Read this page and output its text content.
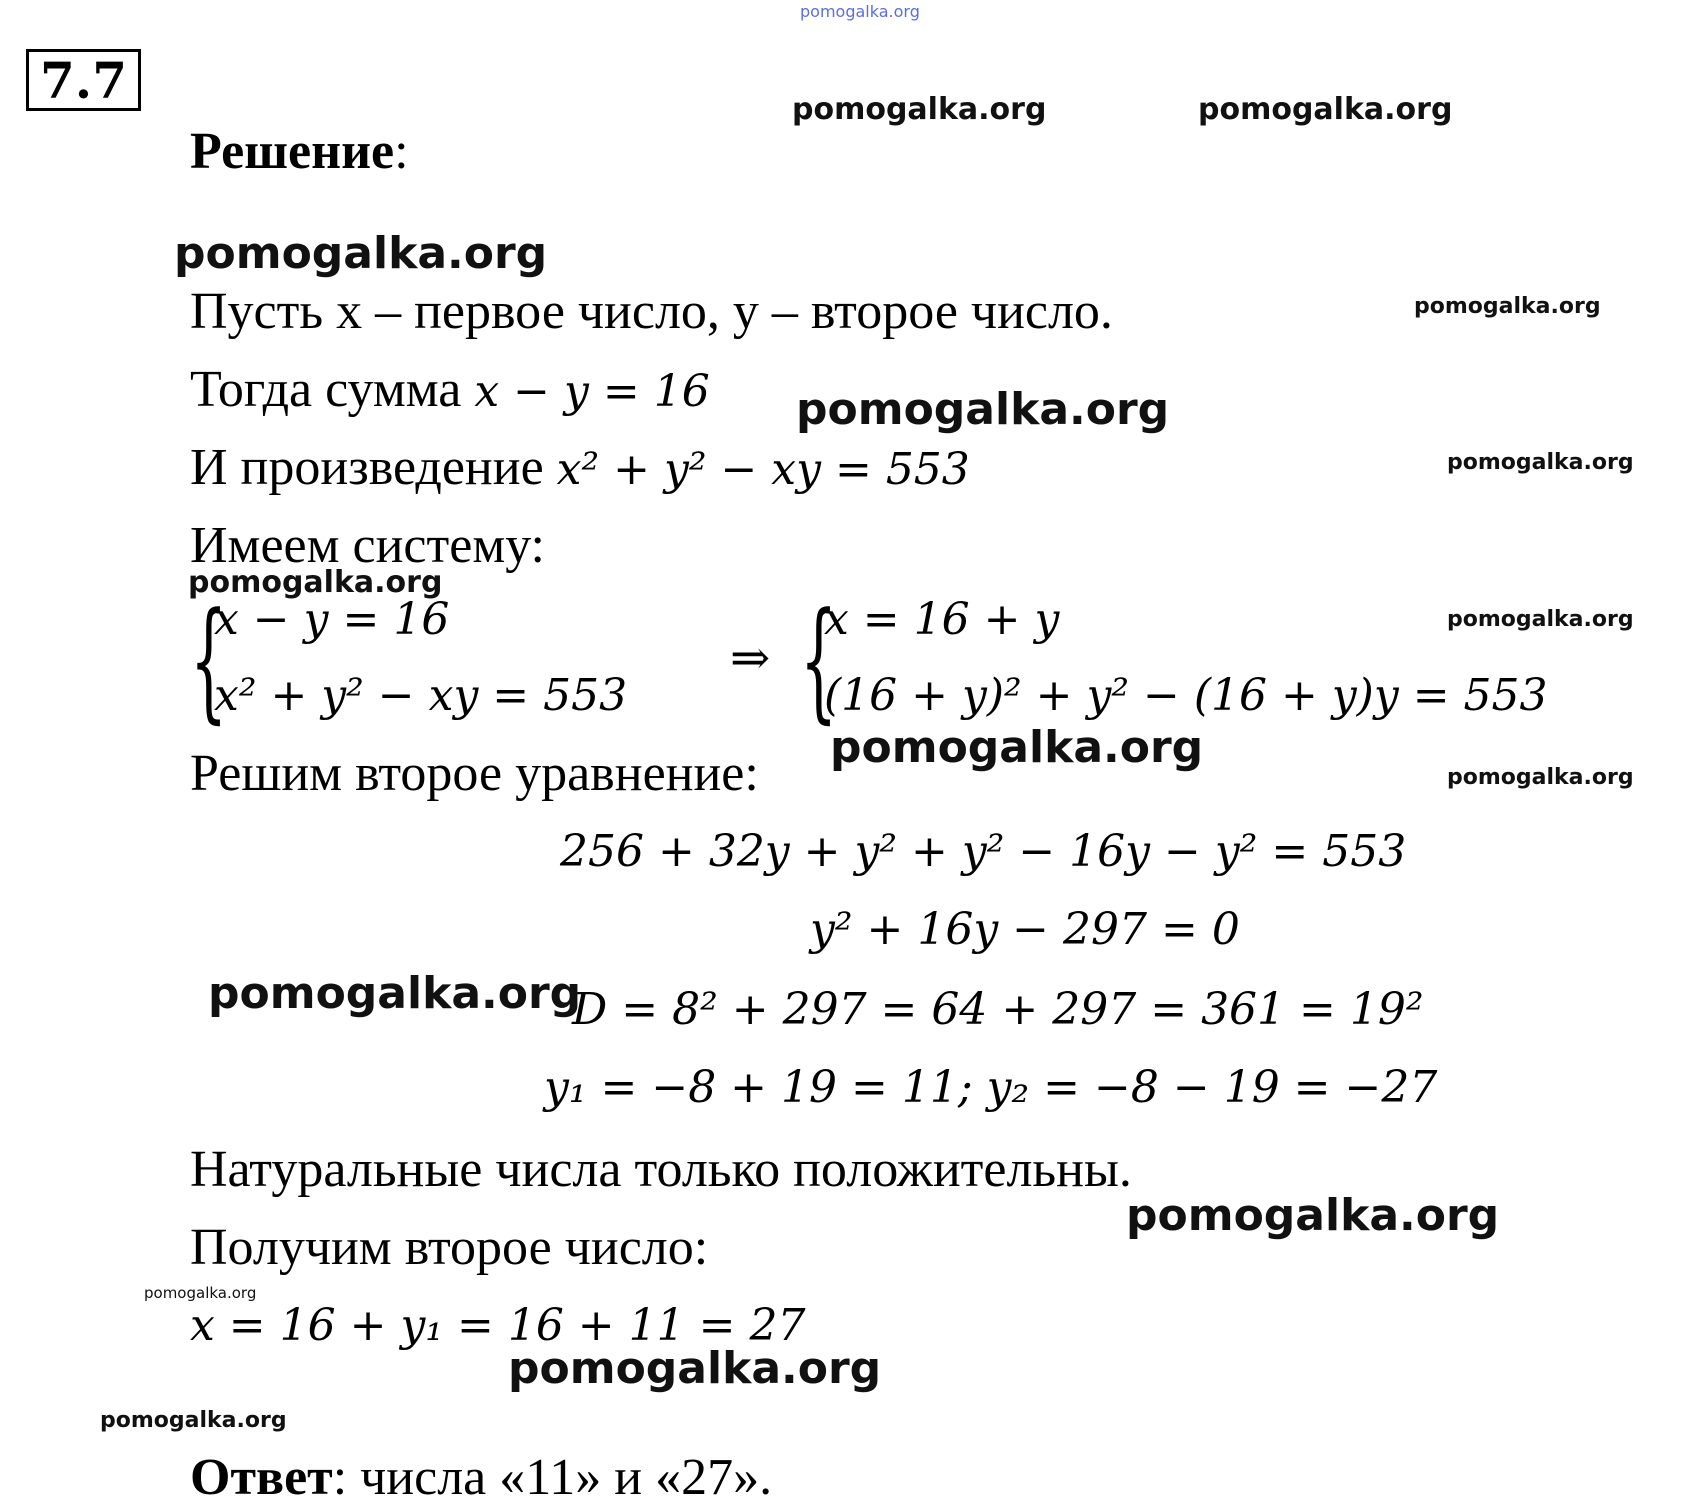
pomogalka.org
7.7
Решение:
pomogalka.org	pomogalka.org
pomogalka.org
pomogalka.org
pomogalka.org
pomogalka.org
pomogalka.org
pomogalka.org
pomogalka.org
pomogalka.org
pomogalka.org
pomogalka.org
pomogalka.org
pomogalka.org
pomogalka.org
Пусть x – первое число, y – второе число.
Тогда сумма x − y = 16
И произведение x² + y² − xy = 553
Имеем систему:
{
x − y = 16
x² + y² − xy = 553
⇒ {
x = 16 + y
(16 + y)² + y² − (16 + y)y = 553
Решим второе уравнение:
256 + 32y + y² + y² − 16y − y² = 553
y² + 16y − 297 = 0
D = 8² + 297 = 64 + 297 = 361 = 19²
y₁ = −8 + 19 = 11; y₂ = −8 − 19 = −27
Натуральные числа только положительны.
Получим второе число:
x = 16 + y₁ = 16 + 11 = 27
Ответ: числа «11» и «27».
